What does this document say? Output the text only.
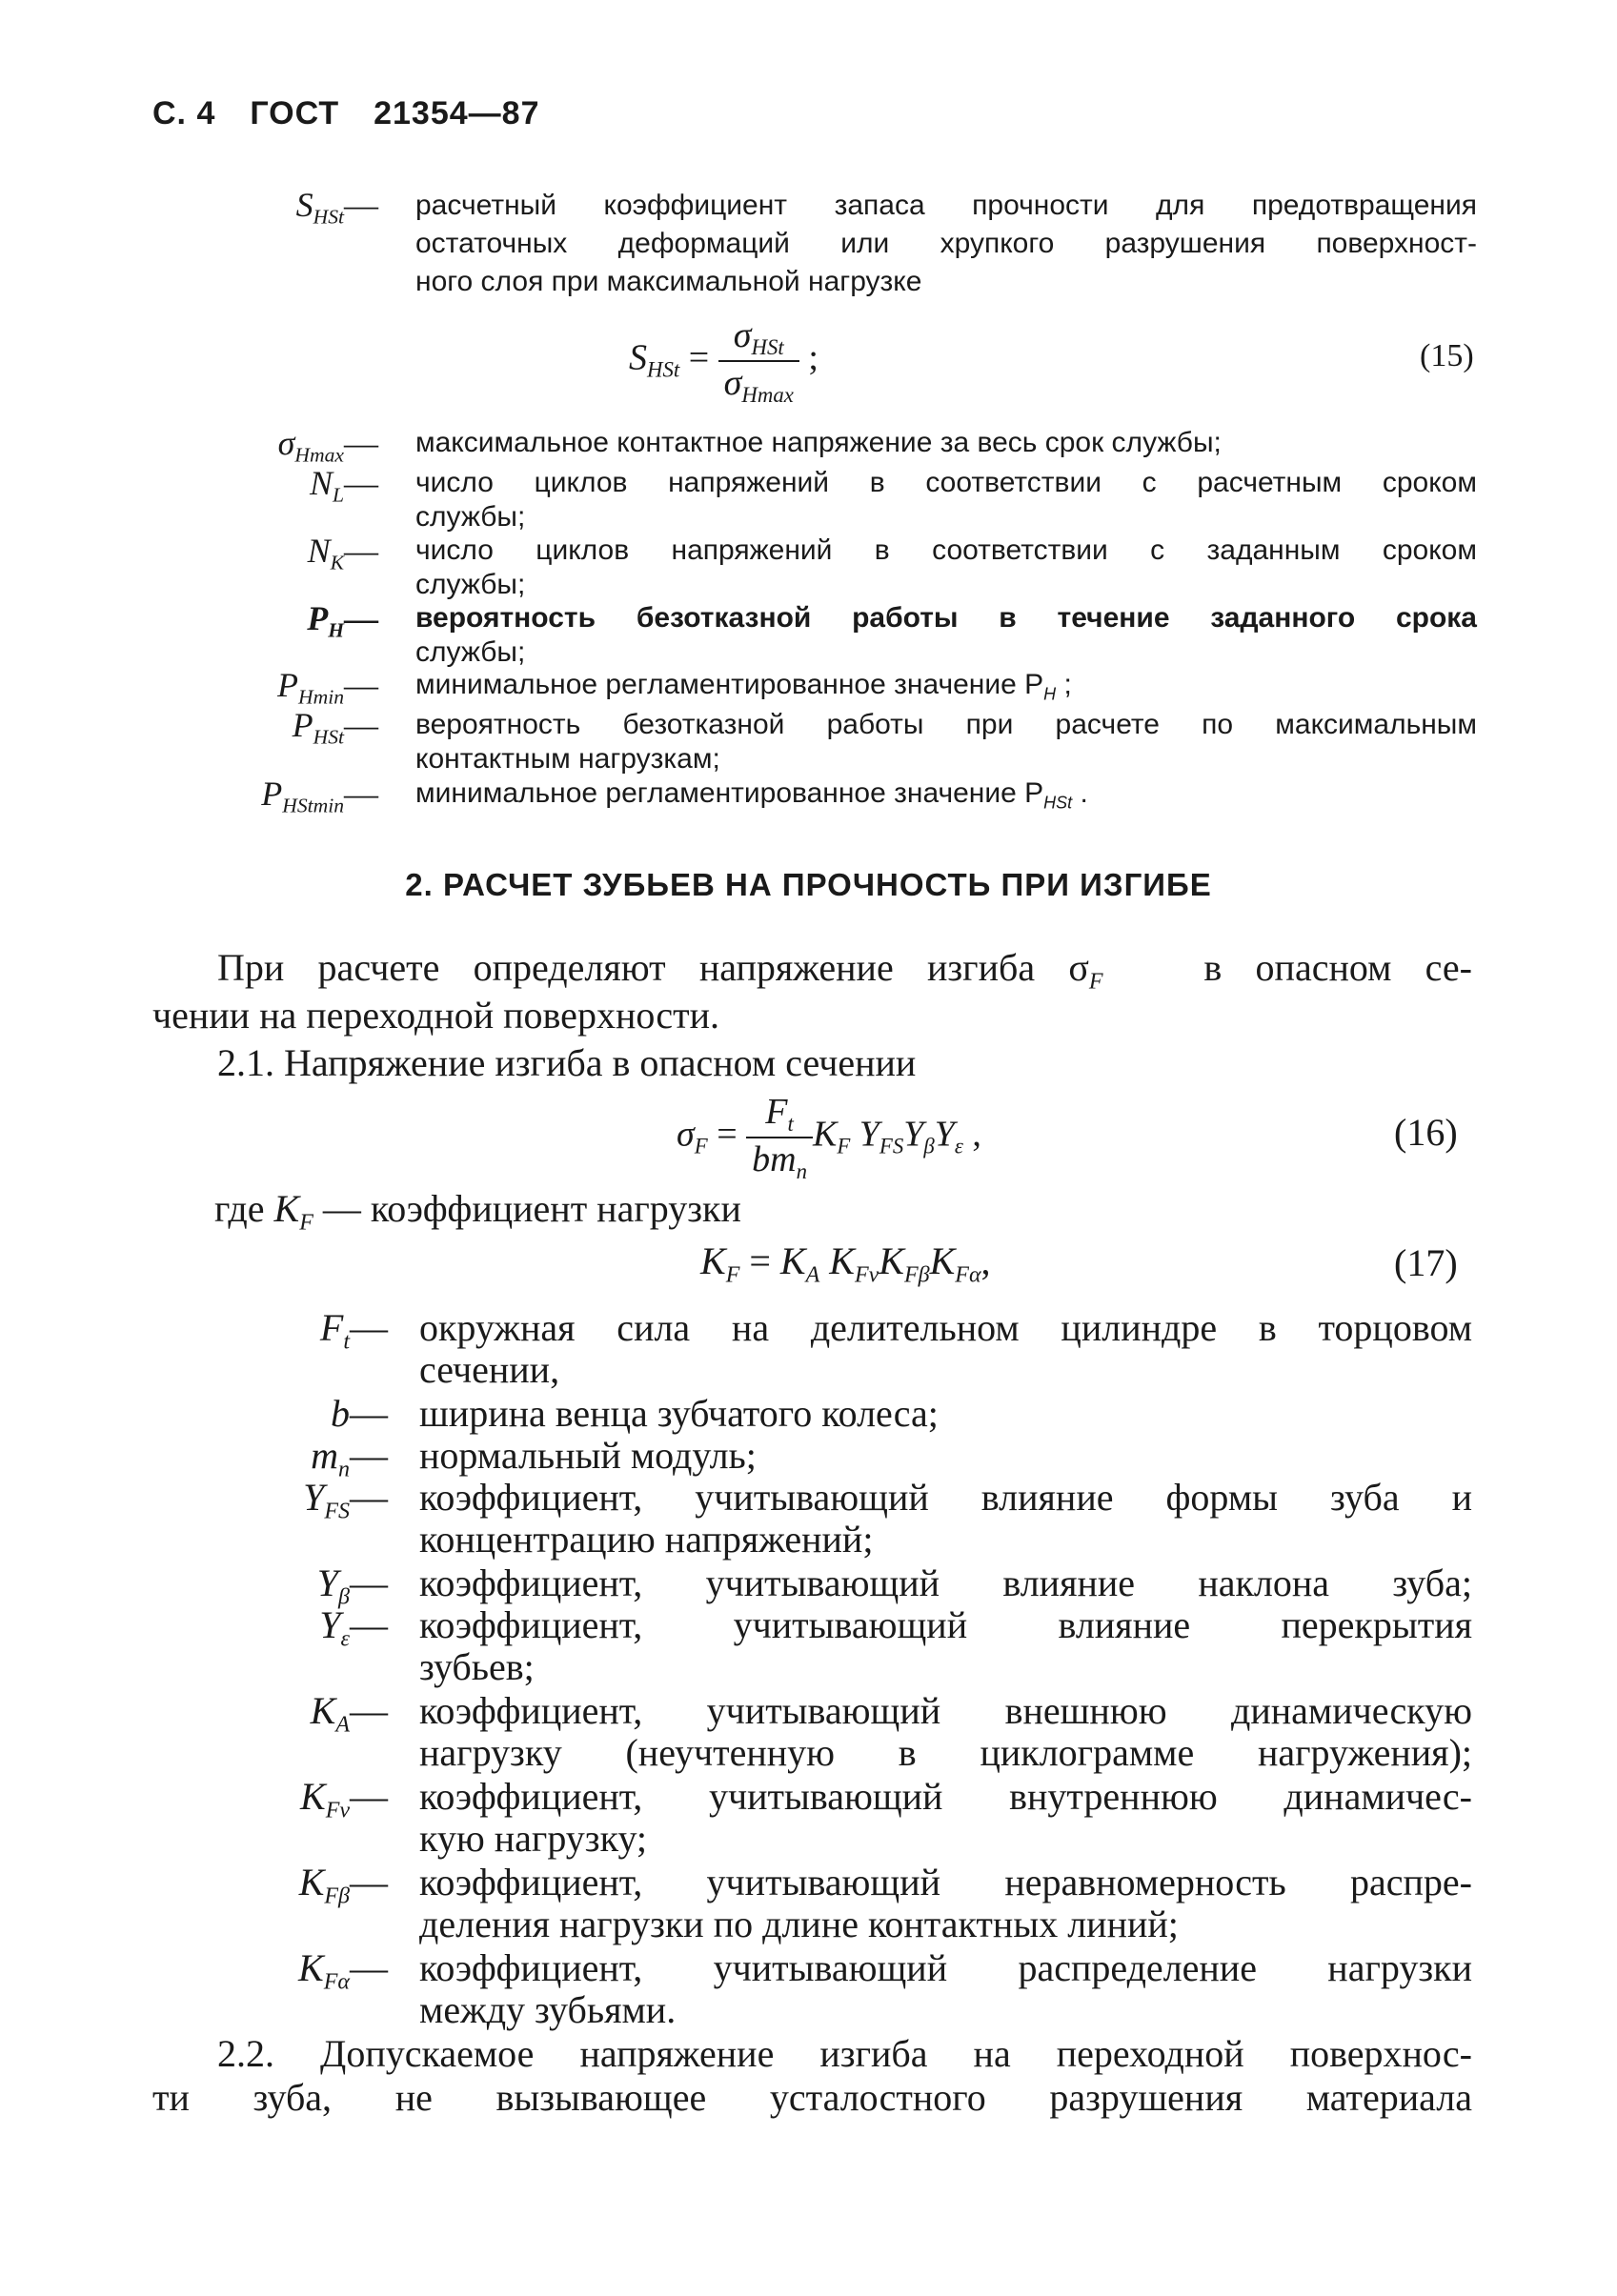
С. 4 ГОСТ 21354—87
$S_{HSt}—$ расчетный коэффициент запаса прочности для предотвращения
остаточных деформаций или хрупкого разрушения поверхност-
ного слоя при максимальной нагрузке
$S_{HSt} = \frac{\sigma_{HSt}}{\sigma_{Hmax}}$ ;	(15)
$\sigma_{Hmax}—$ максимальное контактное напряжение за весь срок службы;
$N_L—$ число циклов напряжений в соответствии с расчетным сроком
службы;
$N_K—$ число циклов напряжений в соответствии с заданным сроком
службы;
$P_H—$ вероятность безотказной работы в течение заданного срока
службы;
$P_{Hmin}—$ минимальное регламентированное значение $P_H$ ;
$P_{HSt}—$ вероятность безотказной работы при расчете по максимальным
контактным нагрузкам;
$P_{HStmin}—$ минимальное регламентированное значение $P_{HSt}$ .
2. РАСЧЕТ ЗУБЬЕВ НА ПРОЧНОСТЬ ПРИ ИЗГИБЕ
При расчете определяют напряжение изгиба $\sigma_F$	в опасном се-
чении на переходной поверхности.
2.1. Напряжение изгиба в опасном сечении
$\sigma_F = \frac{F_t}{bm_n} K_F$ $Y_{FS}Y_\beta Y_\varepsilon$ ,	(16)
где $K_F$ — коэффициент нагрузки
$K_F = K_A$ $K_{Fv}K_{F\beta}K_{F\alpha}$,	(17)
$F_t—$ окружная сила на делительном цилиндре в торцовом
сечении,
b— ширина венца зубчатого колеса;
$m_n—$ нормальный модуль;
$Y_{FS}—$ коэффициент, учитывающий влияние формы зуба и
концентрацию напряжений;
$Y_\beta—$ коэффициент, учитывающий влияние наклона зуба;
$Y_\varepsilon—$ коэффициент, учитывающий влияние перекрытия
зубьев;
$K_A—$ коэффициент, учитывающий внешнюю динамическую
нагрузку (неучтенную в циклограмме нагружения);
$K_{Fv}—$ коэффициент, учитывающий внутреннюю динамичес-
кую нагрузку;
$K_{F\beta}—$ коэффициент, учитывающий неравномерность распре-
деления нагрузки по длине контактных линий;
$K_{F\alpha}—$ коэффициент, учитывающий распределение нагрузки
между зубьями.
2.2. Допускаемое напряжение изгиба на переходной поверхнос-
ти зуба, не вызывающее усталостного разрушения материала
